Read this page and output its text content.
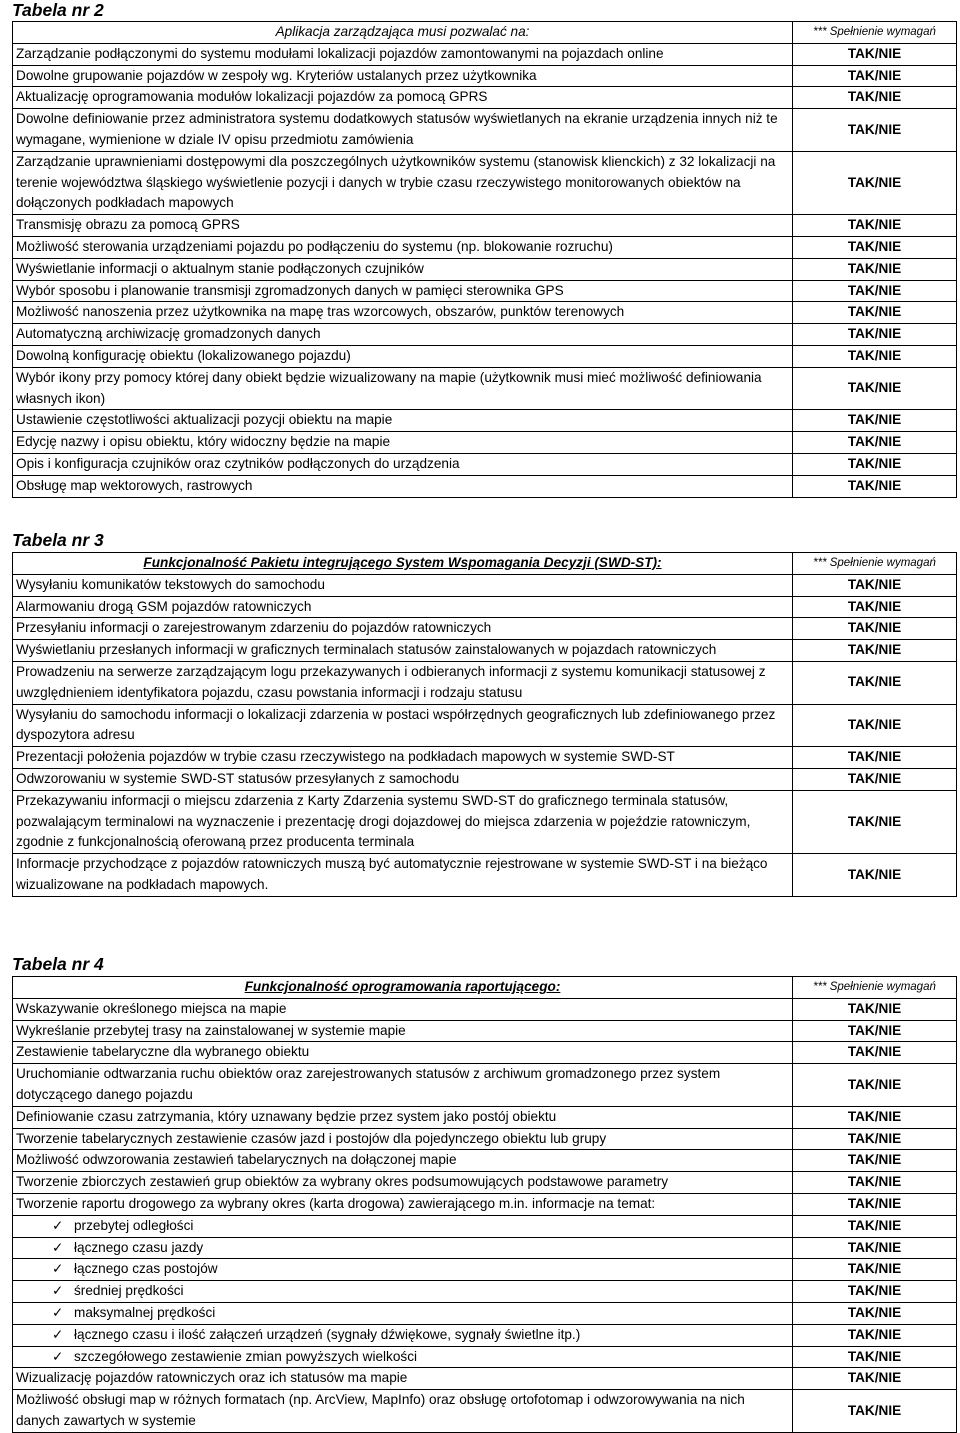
Tabela nr 2
Aplikacja zarządzająca musi pozwalać na:	*** Spełnienie wymagań
Zarządzanie podłączonymi do systemu modułami lokalizacji pojazdów zamontowanymi na pojazdach online	TAK/NIE
Dowolne grupowanie pojazdów w zespoły wg. Kryteriów ustalanych przez użytkownika	TAK/NIE
Aktualizację oprogramowania modułów lokalizacji pojazdów za pomocą GPRS	TAK/NIE
Dowolne definiowanie przez administratora systemu dodatkowych statusów wyświetlanych na ekranie urządzenia innych niż te wymagane, wymienione w dziale IV opisu przedmiotu zamówienia	TAK/NIE
Zarządzanie uprawnieniami dostępowymi dla poszczególnych użytkowników systemu (stanowisk klienckich) z 32 lokalizacji na terenie województwa śląskiego wyświetlenie pozycji i danych w trybie czasu rzeczywistego monitorowanych obiektów na dołączonych podkładach mapowych	TAK/NIE
Transmisję obrazu za pomocą GPRS	TAK/NIE
Możliwość sterowania urządzeniami pojazdu po podłączeniu do systemu (np. blokowanie rozruchu)	TAK/NIE
Wyświetlanie informacji o aktualnym stanie podłączonych czujników	TAK/NIE
Wybór sposobu i planowanie transmisji zgromadzonych danych w pamięci sterownika GPS	TAK/NIE
Możliwość nanoszenia przez użytkownika na mapę tras wzorcowych, obszarów, punktów terenowych	TAK/NIE
Automatyczną archiwizację gromadzonych danych	TAK/NIE
Dowolną konfigurację obiektu (lokalizowanego pojazdu)	TAK/NIE
Wybór ikony przy pomocy której dany obiekt będzie wizualizowany na mapie (użytkownik musi mieć możliwość definiowania własnych ikon)	TAK/NIE
Ustawienie częstotliwości aktualizacji pozycji obiektu na mapie	TAK/NIE
Edycję nazwy i opisu obiektu, który widoczny będzie na mapie	TAK/NIE
Opis i konfiguracja czujników oraz czytników podłączonych do urządzenia	TAK/NIE
Obsługę map wektorowych, rastrowych	TAK/NIE
Tabela nr 3
Funkcjonalność Pakietu integrującego System Wspomagania Decyzji (SWD-ST):	*** Spełnienie wymagań
Wysyłaniu komunikatów tekstowych do samochodu	TAK/NIE
Alarmowaniu drogą GSM pojazdów ratowniczych	TAK/NIE
Przesyłaniu informacji o zarejestrowanym zdarzeniu do pojazdów ratowniczych	TAK/NIE
Wyświetlaniu przesłanych informacji w graficznych terminalach statusów zainstalowanych w pojazdach ratowniczych	TAK/NIE
Prowadzeniu na serwerze zarządzającym logu przekazywanych i odbieranych informacji z systemu komunikacji statusowej z uwzględnieniem identyfikatora pojazdu, czasu powstania informacji i rodzaju statusu	TAK/NIE
Wysyłaniu do samochodu informacji o lokalizacji zdarzenia w postaci współrzędnych geograficznych lub zdefiniowanego przez dyspozytora adresu	TAK/NIE
Prezentacji położenia pojazdów w trybie czasu rzeczywistego na podkładach mapowych w systemie SWD-ST	TAK/NIE
Odwzorowaniu w systemie SWD-ST statusów przesyłanych z samochodu	TAK/NIE
Przekazywaniu informacji o miejscu zdarzenia z Karty Zdarzenia systemu SWD-ST do graficznego terminala statusów, pozwalającym terminalowi na wyznaczenie i prezentację drogi dojazdowej do miejsca zdarzenia w pojeździe ratowniczym, zgodnie z funkcjonalnością oferowaną przez producenta terminala	TAK/NIE
Informacje przychodzące z pojazdów ratowniczych muszą być automatycznie rejestrowane w systemie SWD-ST i na bieżąco wizualizowane na podkładach mapowych.	TAK/NIE
Tabela nr 4
Funkcjonalność oprogramowania raportującego:	*** Spełnienie wymagań
Wskazywanie określonego miejsca na mapie	TAK/NIE
Wykreślanie przebytej trasy na zainstalowanej w systemie mapie	TAK/NIE
Zestawienie tabelaryczne dla wybranego obiektu	TAK/NIE
Uruchomianie odtwarzania ruchu obiektów oraz zarejestrowanych statusów z archiwum gromadzonego przez system dotyczącego danego pojazdu	TAK/NIE
Definiowanie czasu zatrzymania, który uznawany będzie przez system jako postój obiektu	TAK/NIE
Tworzenie tabelarycznych zestawienie czasów jazd i postojów dla pojedynczego obiektu lub grupy	TAK/NIE
Możliwość odwzorowania zestawień tabelarycznych na dołączonej mapie	TAK/NIE
Tworzenie zbiorczych zestawień grup obiektów za wybrany okres podsumowujących podstawowe parametry	TAK/NIE
Tworzenie raportu drogowego za wybrany okres (karta drogowa) zawierającego m.in. informacje na temat:	TAK/NIE
✓ przebytej odległości	TAK/NIE
✓ łącznego czasu jazdy	TAK/NIE
✓ łącznego czas postojów	TAK/NIE
✓ średniej prędkości	TAK/NIE
✓ maksymalnej prędkości	TAK/NIE
✓ łącznego czasu i ilość załączeń urządzeń (sygnały dźwiękowe, sygnały świetlne itp.)	TAK/NIE
✓ szczegółowego zestawienie zmian powyższych wielkości	TAK/NIE
Wizualizację pojazdów ratowniczych oraz ich statusów ma mapie	TAK/NIE
Możliwość obsługi map w różnych formatach (np. ArcView, MapInfo) oraz obsługę ortofotomap i odwzorowywania na nich danych zawartych w systemie	TAK/NIE
